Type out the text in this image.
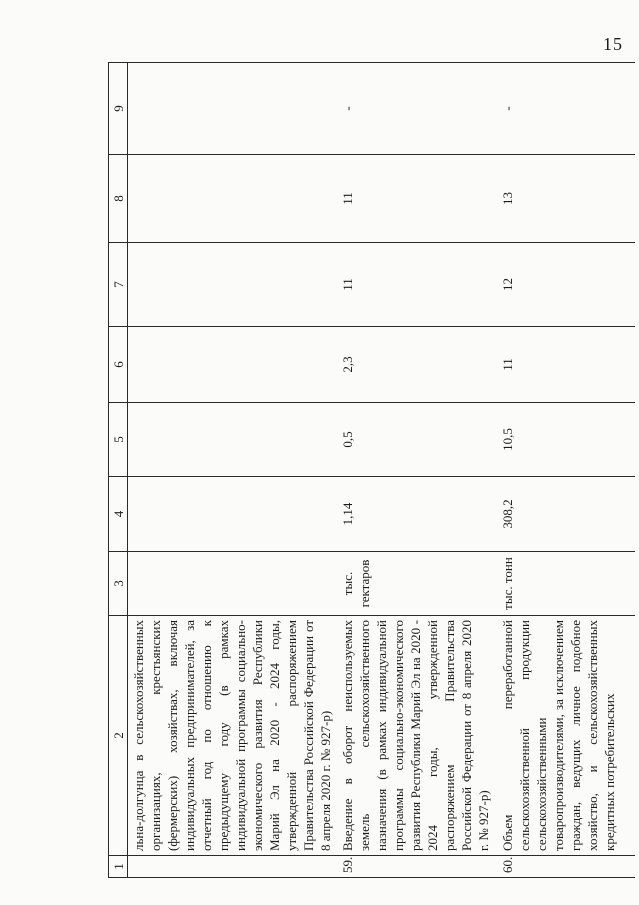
15
1	2	3	4	5	6	7	8	9
	льна-долгунца в сельскохозяйственных организациях, крестьянских (фермерских) хозяйствах, включая индивидуальных предпринимателей, за отчетный год по отношению к предыдущему году (в рамках индивидуальной программы социально-экономического развития Республики Марий Эл на 2020 - 2024 годы, утвержденной распоряжением Правительства Российской Федерации от 8 апреля 2020 г. № 927-р)							
59.	Введение в оборот неиспользуемых земель сельскохозяйственного назначения (в рамках индивидуальной программы социально-экономического развития Республики Марий Эл на 2020 - 2024 годы, утвержденной распоряжением Правительства Российской Федерации от 8 апреля 2020 г. № 927-р)	тыс. гектаров	1,14	0,5	2,3	11	11	-
60.	Объем переработанной сельскохозяйственной продукции сельскохозяйственными товаропроизводителями, за исключением граждан, ведущих личное подобное хозяйство, и сельскохозяйственных кредитных потребительских	тыс. тонн	308,2	10,5	11	12	13	-
